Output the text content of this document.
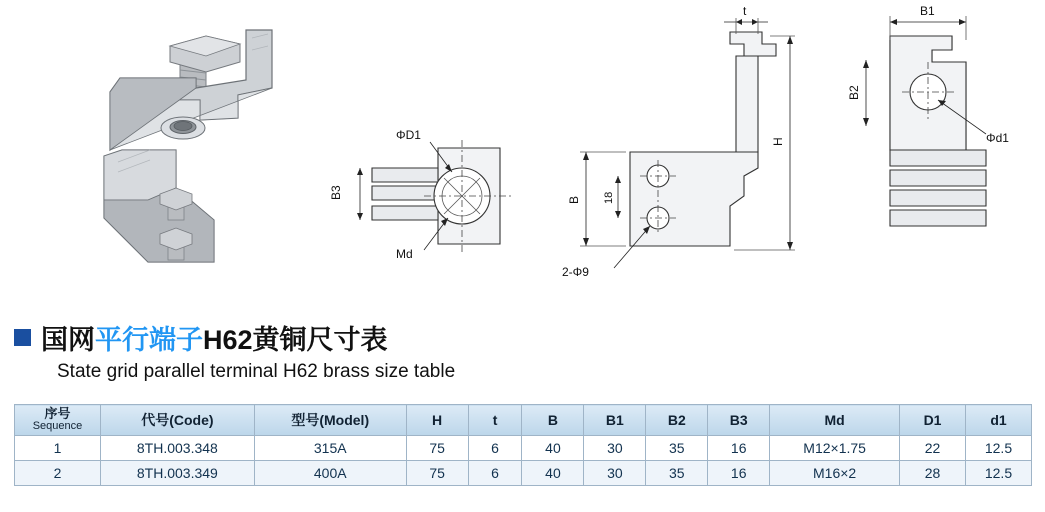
ΦD1
B3
Md
t
H
B 18
2-Φ9
B1
B2
Φd1
国网平行端子H62黄铜尺寸表
State grid parallel terminal H62 brass size table
序号
Sequence	代号(Code)	型号(Model)	H	t	B	B1	B2	B3	Md	D1	d1
1	8TH.003.348	315A	75	6	40	30	35	16	M12×1.75	22	12.5
2	8TH.003.349	400A	75	6	40	30	35	16	M16×2	28	12.5
